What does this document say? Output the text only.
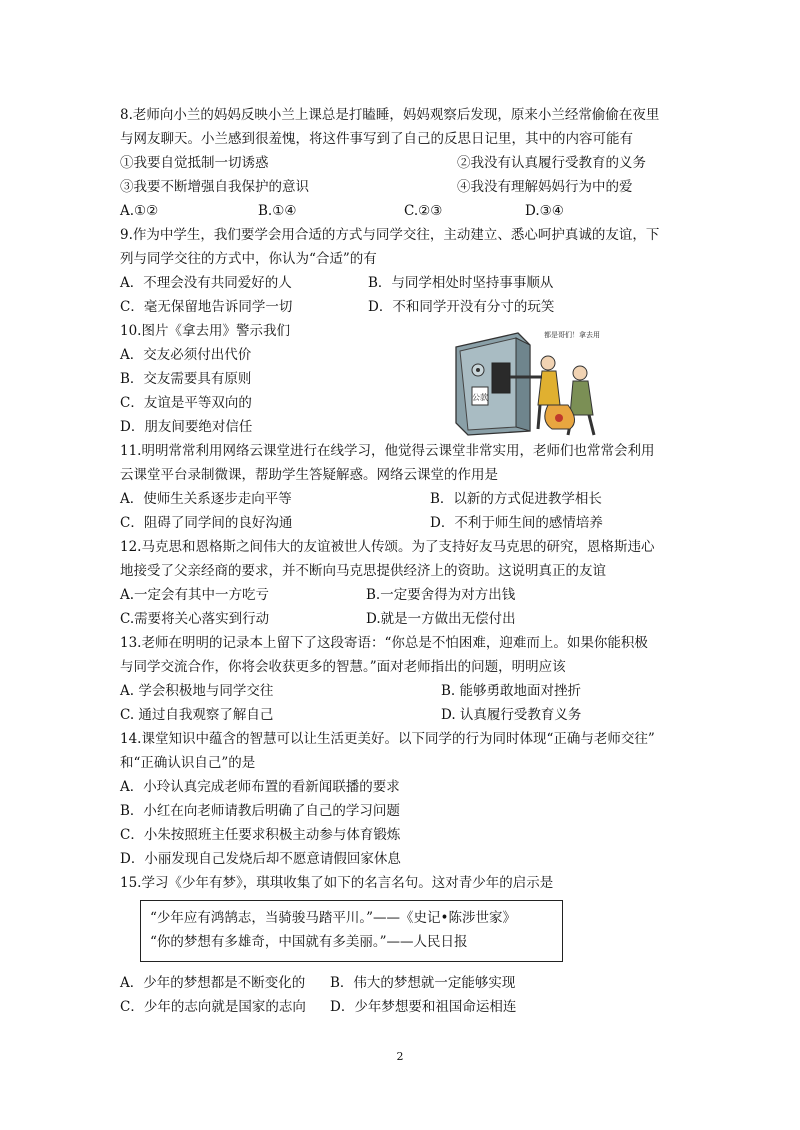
8.老师向小兰的妈妈反映小兰上课总是打瞌睡，妈妈观察后发现，原来小兰经常偷偷在夜里
与网友聊天。小兰感到很羞愧，将这件事写到了自己的反思日记里，其中的内容可能有
①我要自觉抵制一切诱惑	②我没有认真履行受教育的义务
③我要不断增强自我保护的意识	④我没有理解妈妈行为中的爱
A.①②	B.①④	C.②③	D.③④
9.作为中学生，我们要学会用合适的方式与同学交往，主动建立、悉心呵护真诚的友谊，下
列与同学交往的方式中，你认为“合适”的有
A．不理会没有共同爱好的人	B．与同学相处时坚持事事顺从
C．毫无保留地告诉同学一切	D．不和同学开没有分寸的玩笑
10.图片《拿去用》警示我们
A．交友必须付出代价
B．交友需要具有原则
C．友谊是平等双向的
D．朋友间要绝对信任
公款
都是哥们！拿去用
11.明明常常利用网络云课堂进行在线学习，他觉得云课堂非常实用，老师们也常常会利用
云课堂平台录制微课，帮助学生答疑解惑。网络云课堂的作用是
A．使师生关系逐步走向平等	B．以新的方式促进教学相长
C．阻碍了同学间的良好沟通	D．不利于师生间的感情培养
12.马克思和恩格斯之间伟大的友谊被世人传颂。为了支持好友马克思的研究，恩格斯违心
地接受了父亲经商的要求，并不断向马克思提供经济上的资助。这说明真正的友谊
A.一定会有其中一方吃亏	B.一定要舍得为对方出钱
C.需要将关心落实到行动	D.就是一方做出无偿付出
13.老师在明明的记录本上留下了这段寄语：“你总是不怕困难，迎难而上。如果你能积极
与同学交流合作，你将会收获更多的智慧。”面对老师指出的问题，明明应该
A. 学会积极地与同学交往	B. 能够勇敢地面对挫折
C. 通过自我观察了解自己	D. 认真履行受教育义务
14.课堂知识中蕴含的智慧可以让生活更美好。以下同学的行为同时体现“正确与老师交往”
和“正确认识自己”的是
A．小玲认真完成老师布置的看新闻联播的要求
B．小红在向老师请教后明确了自己的学习问题
C．小朱按照班主任要求积极主动参与体育锻炼
D．小丽发现自己发烧后却不愿意请假回家休息
15.学习《少年有梦》，琪琪收集了如下的名言名句。这对青少年的启示是
“少年应有鸿鹄志，当骑骏马踏平川。”——《史记•陈涉世家》
“你的梦想有多雄奇，中国就有多美丽。”——人民日报
A．少年的梦想都是不断变化的 B．伟大的梦想就一定能够实现
C．少年的志向就是国家的志向 D．少年梦想要和祖国命运相连
2
